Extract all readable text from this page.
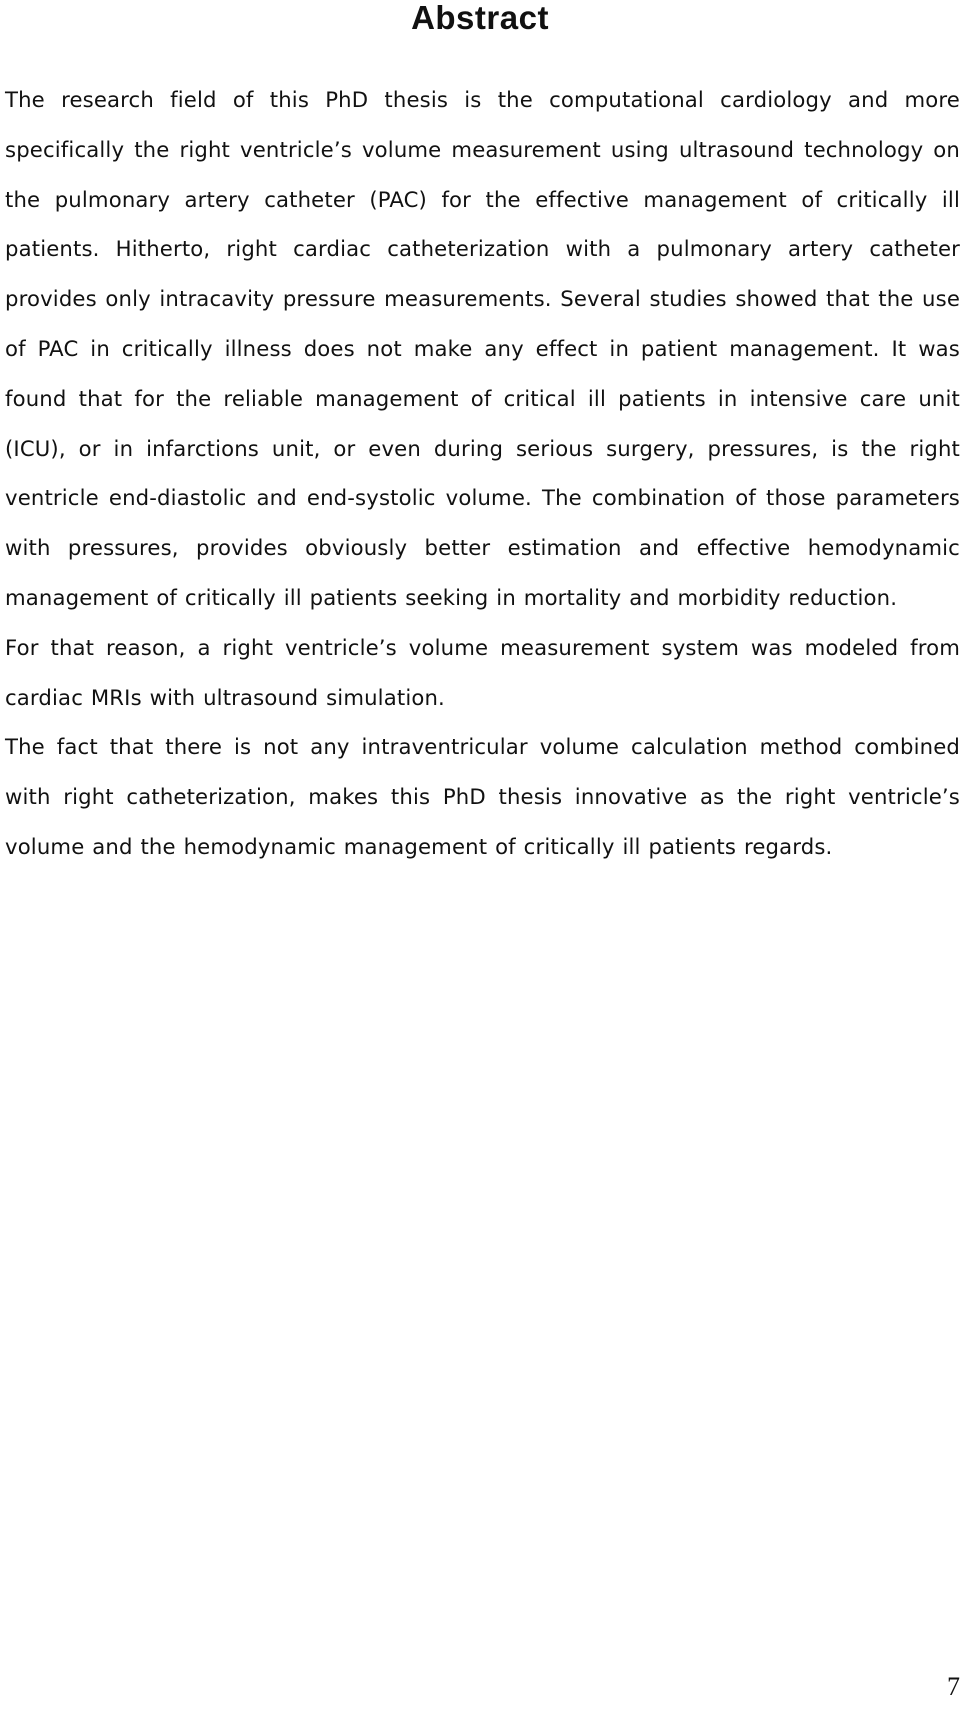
Abstract

The research field of this PhD thesis is the computational cardiology and more specifically the right ventricle’s volume measurement using ultrasound technology on the pulmonary artery catheter (PAC) for the effective management of critically ill patients. Hitherto, right cardiac catheterization with a pulmonary artery catheter provides only intracavity pressure measurements. Several studies showed that the use of PAC in critically illness does not make any effect in patient management. It was found that for the reliable management of critical ill patients in intensive care unit (ICU), or in infarctions unit, or even during serious surgery, pressures, is the right ventricle end-diastolic and end-systolic volume. The combination of those parameters with pressures, provides obviously better estimation and effective hemodynamic management of critically ill patients seeking in mortality and morbidity reduction.

For that reason, a right ventricle’s volume measurement system was modeled from cardiac MRIs with ultrasound simulation.

The fact that there is not any intraventricular volume calculation method combined with right catheterization, makes this PhD thesis innovative as the right ventricle’s volume and the hemodynamic management of critically ill patients regards.

7
